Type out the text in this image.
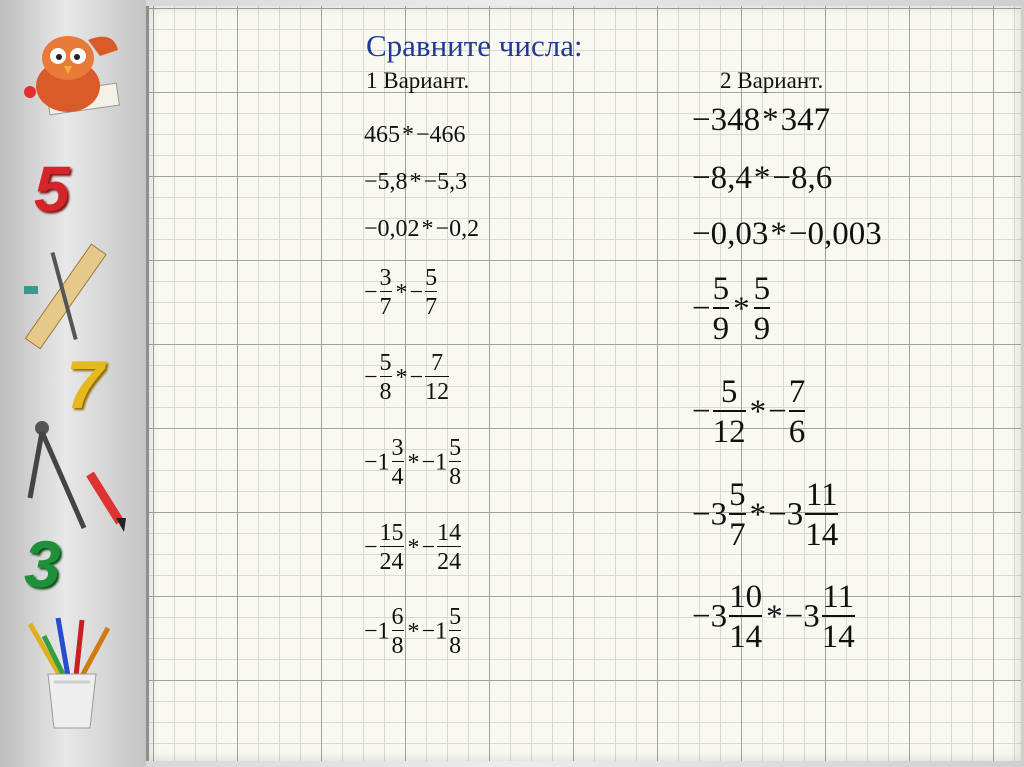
5
7
3
Сравните числа:
1 Вариант.	2 Вариант.
465*−466
−5,8*−5,3
−0,02*−0,2
− $\frac{3}{7} *- \frac{5}{7}$
− $\frac{5}{8} *- \frac{7}{12}$
$-1 \frac{3}{4} *-1 \frac{5}{8}$
− $\frac{15}{24} *- \frac{14}{24}$
$-1 \frac{6}{8} *-1 \frac{5}{8}$
−348*347
−8,4*−8,6
−0,03*−0,003
− $\frac{5}{9} * \frac{5}{9}$
− $\frac{5}{12} *- \frac{7}{6}$
$-3 \frac{5}{7} *-3 \frac{11}{14}$
$-3 \frac{10}{14} *-3 \frac{11}{14}$
